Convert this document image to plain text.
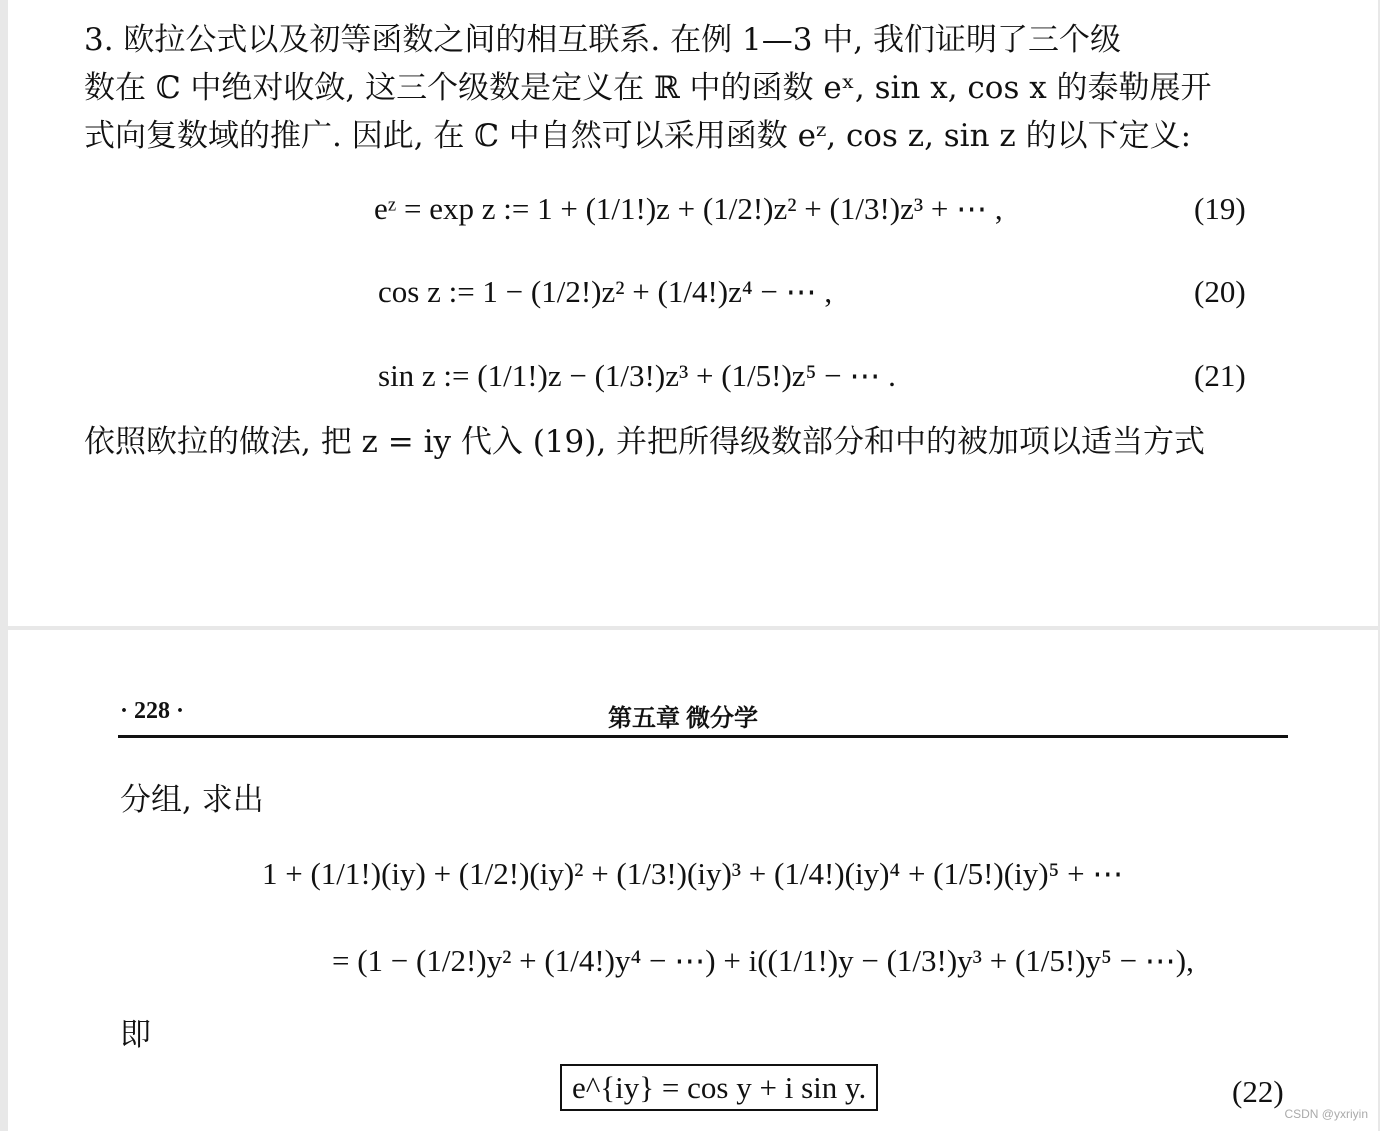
3. 欧拉公式以及初等函数之间的相互联系. 在例 1—3 中, 我们证明了三个级
数在 ℂ 中绝对收敛, 这三个级数是定义在 ℝ 中的函数 eˣ, sin x, cos x 的泰勒展开
式向复数域的推广. 因此, 在 ℂ 中自然可以采用函数 eᶻ, cos z, sin z 的以下定义:
eᶻ = exp z := 1 + (1/1!)z + (1/2!)z² + (1/3!)z³ + ⋯ ,	(19)
cos z := 1 − (1/2!)z² + (1/4!)z⁴ − ⋯ ,	(20)
sin z := (1/1!)z − (1/3!)z³ + (1/5!)z⁵ − ⋯ .	(21)
依照欧拉的做法, 把 z = iy 代入 (19), 并把所得级数部分和中的被加项以适当方式
· 228 ·	第五章 微分学
分组, 求出
1 + (1/1!)(iy) + (1/2!)(iy)² + (1/3!)(iy)³ + (1/4!)(iy)⁴ + (1/5!)(iy)⁵ + ⋯
= (1 − (1/2!)y² + (1/4!)y⁴ − ⋯) + i((1/1!)y − (1/3!)y³ + (1/5!)y⁵ − ⋯),
即
e^{iy} = cos y + i sin y.	(22)
CSDN @yxriyin
